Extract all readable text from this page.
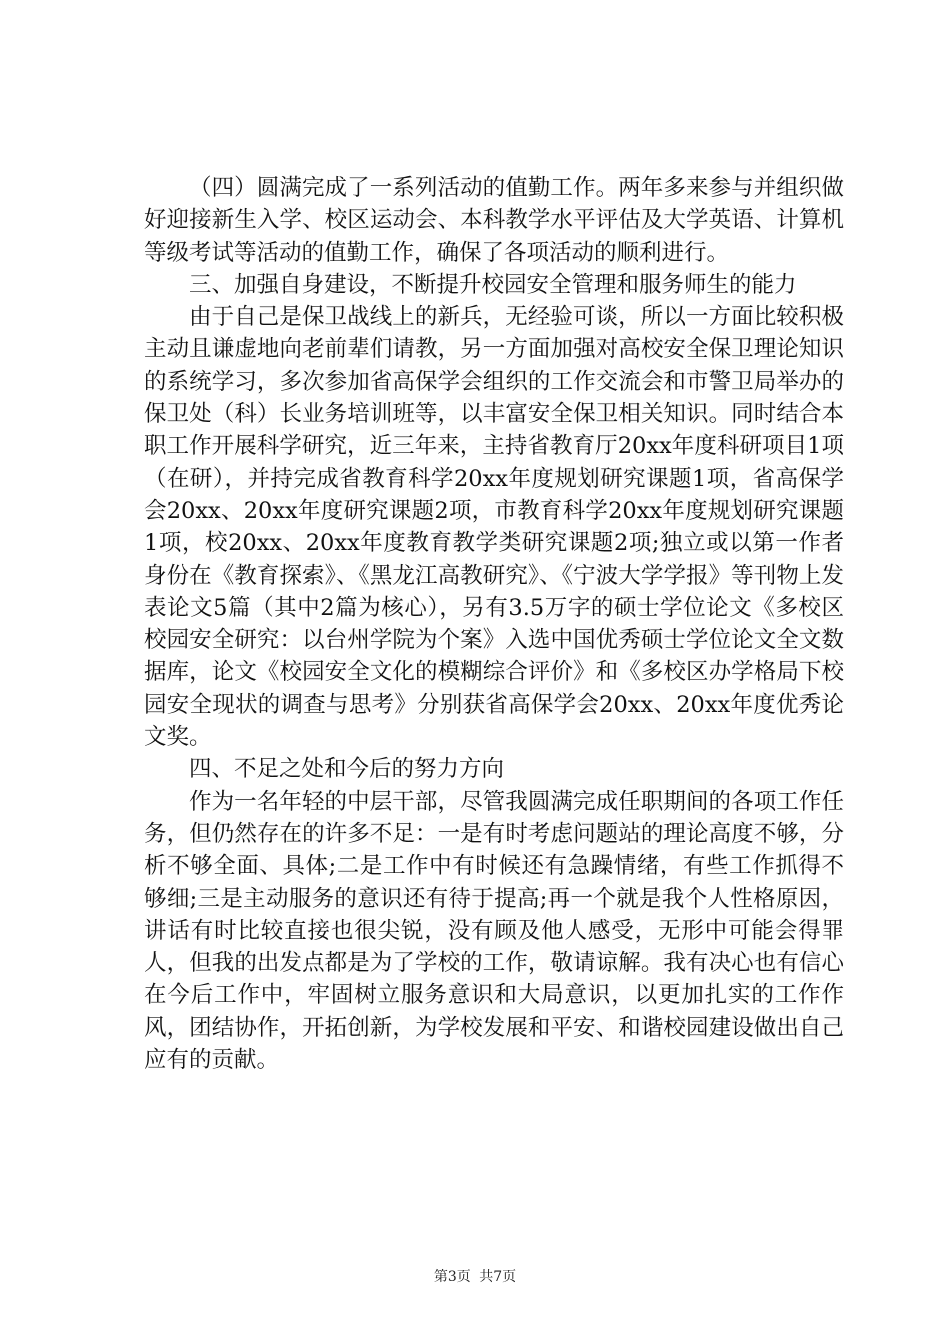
（四）圆满完成了一系列活动的值勤工作。两年多来参与并组织做好迎接新生入学、校区运动会、本科教学水平评估及大学英语、计算机等级考试等活动的值勤工作，确保了各项活动的顺利进行。

三、加强自身建设，不断提升校园安全管理和服务师生的能力

由于自己是保卫战线上的新兵，无经验可谈，所以一方面比较积极主动且谦虚地向老前辈们请教，另一方面加强对高校安全保卫理论知识的系统学习，多次参加省高保学会组织的工作交流会和市警卫局举办的保卫处（科）长业务培训班等，以丰富安全保卫相关知识。同时结合本职工作开展科学研究，近三年来，主持省教育厅20xx年度科研项目1项（在研），并持完成省教育科学20xx年度规划研究课题1项，省高保学会20xx、20xx年度研究课题2项，市教育科学20xx年度规划研究课题1项，校20xx、20xx年度教育教学类研究课题2项;独立或以第一作者身份在《教育探索》、《黑龙江高教研究》、《宁波大学学报》等刊物上发表论文5篇（其中2篇为核心），另有3.5万字的硕士学位论文《多校区校园安全研究：以台州学院为个案》入选中国优秀硕士学位论文全文数据库，论文《校园安全文化的模糊综合评价》和《多校区办学格局下校园安全现状的调查与思考》分别获省高保学会20xx、20xx年度优秀论文奖。

四、不足之处和今后的努力方向

作为一名年轻的中层干部，尽管我圆满完成任职期间的各项工作任务，但仍然存在的许多不足：一是有时考虑问题站的理论高度不够，分析不够全面、具体;二是工作中有时候还有急躁情绪，有些工作抓得不够细;三是主动服务的意识还有待于提高;再一个就是我个人性格原因，讲话有时比较直接也很尖锐，没有顾及他人感受，无形中可能会得罪人，但我的出发点都是为了学校的工作，敬请谅解。我有决心也有信心在今后工作中，牢固树立服务意识和大局意识，以更加扎实的工作作风，团结协作，开拓创新，为学校发展和平安、和谐校园建设做出自己应有的贡献。

第3页 共7页
